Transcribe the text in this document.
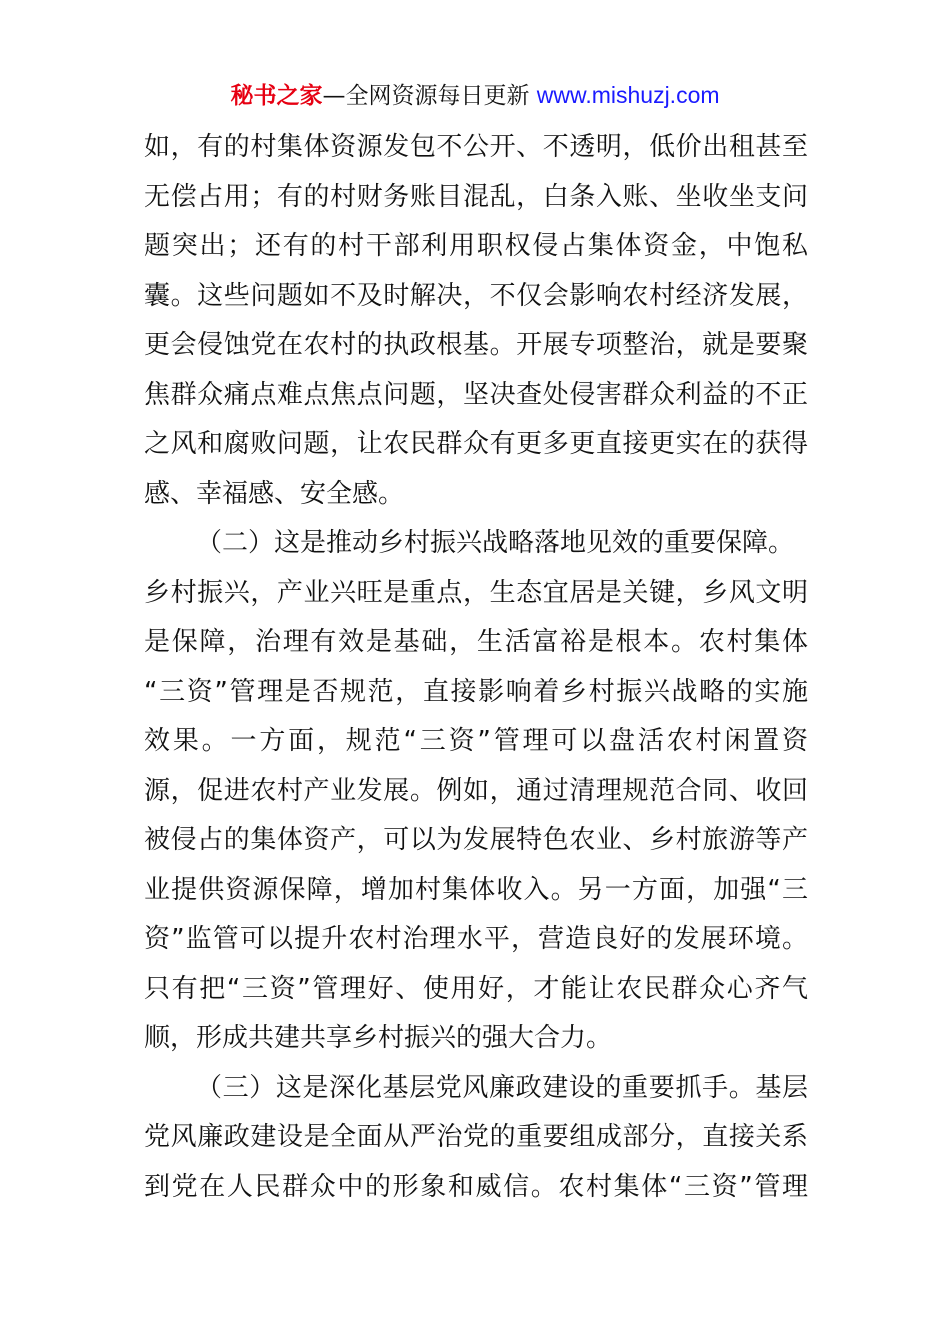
秘书之家—全网资源每日更新 www.mishuzj.com
如，有的村集体资源发包不公开、不透明，低价出租甚至
无偿占用；有的村财务账目混乱，白条入账、坐收坐支问
题突出；还有的村干部利用职权侵占集体资金，中饱私
囊。这些问题如不及时解决，不仅会影响农村经济发展，
更会侵蚀党在农村的执政根基。开展专项整治，就是要聚
焦群众痛点难点焦点问题，坚决查处侵害群众利益的不正
之风和腐败问题，让农民群众有更多更直接更实在的获得
感、幸福感、安全感。
（二）这是推动乡村振兴战略落地见效的重要保障。
乡村振兴，产业兴旺是重点，生态宜居是关键，乡风文明
是保障，治理有效是基础，生活富裕是根本。农村集体
“三资”管理是否规范，直接影响着乡村振兴战略的实施
效果。一方面，规范“三资”管理可以盘活农村闲置资
源，促进农村产业发展。例如，通过清理规范合同、收回
被侵占的集体资产，可以为发展特色农业、乡村旅游等产
业提供资源保障，增加村集体收入。另一方面，加强“三
资”监管可以提升农村治理水平，营造良好的发展环境。
只有把“三资”管理好、使用好，才能让农民群众心齐气
顺，形成共建共享乡村振兴的强大合力。
（三）这是深化基层党风廉政建设的重要抓手。基层
党风廉政建设是全面从严治党的重要组成部分，直接关系
到党在人民群众中的形象和威信。农村集体“三资”管理
